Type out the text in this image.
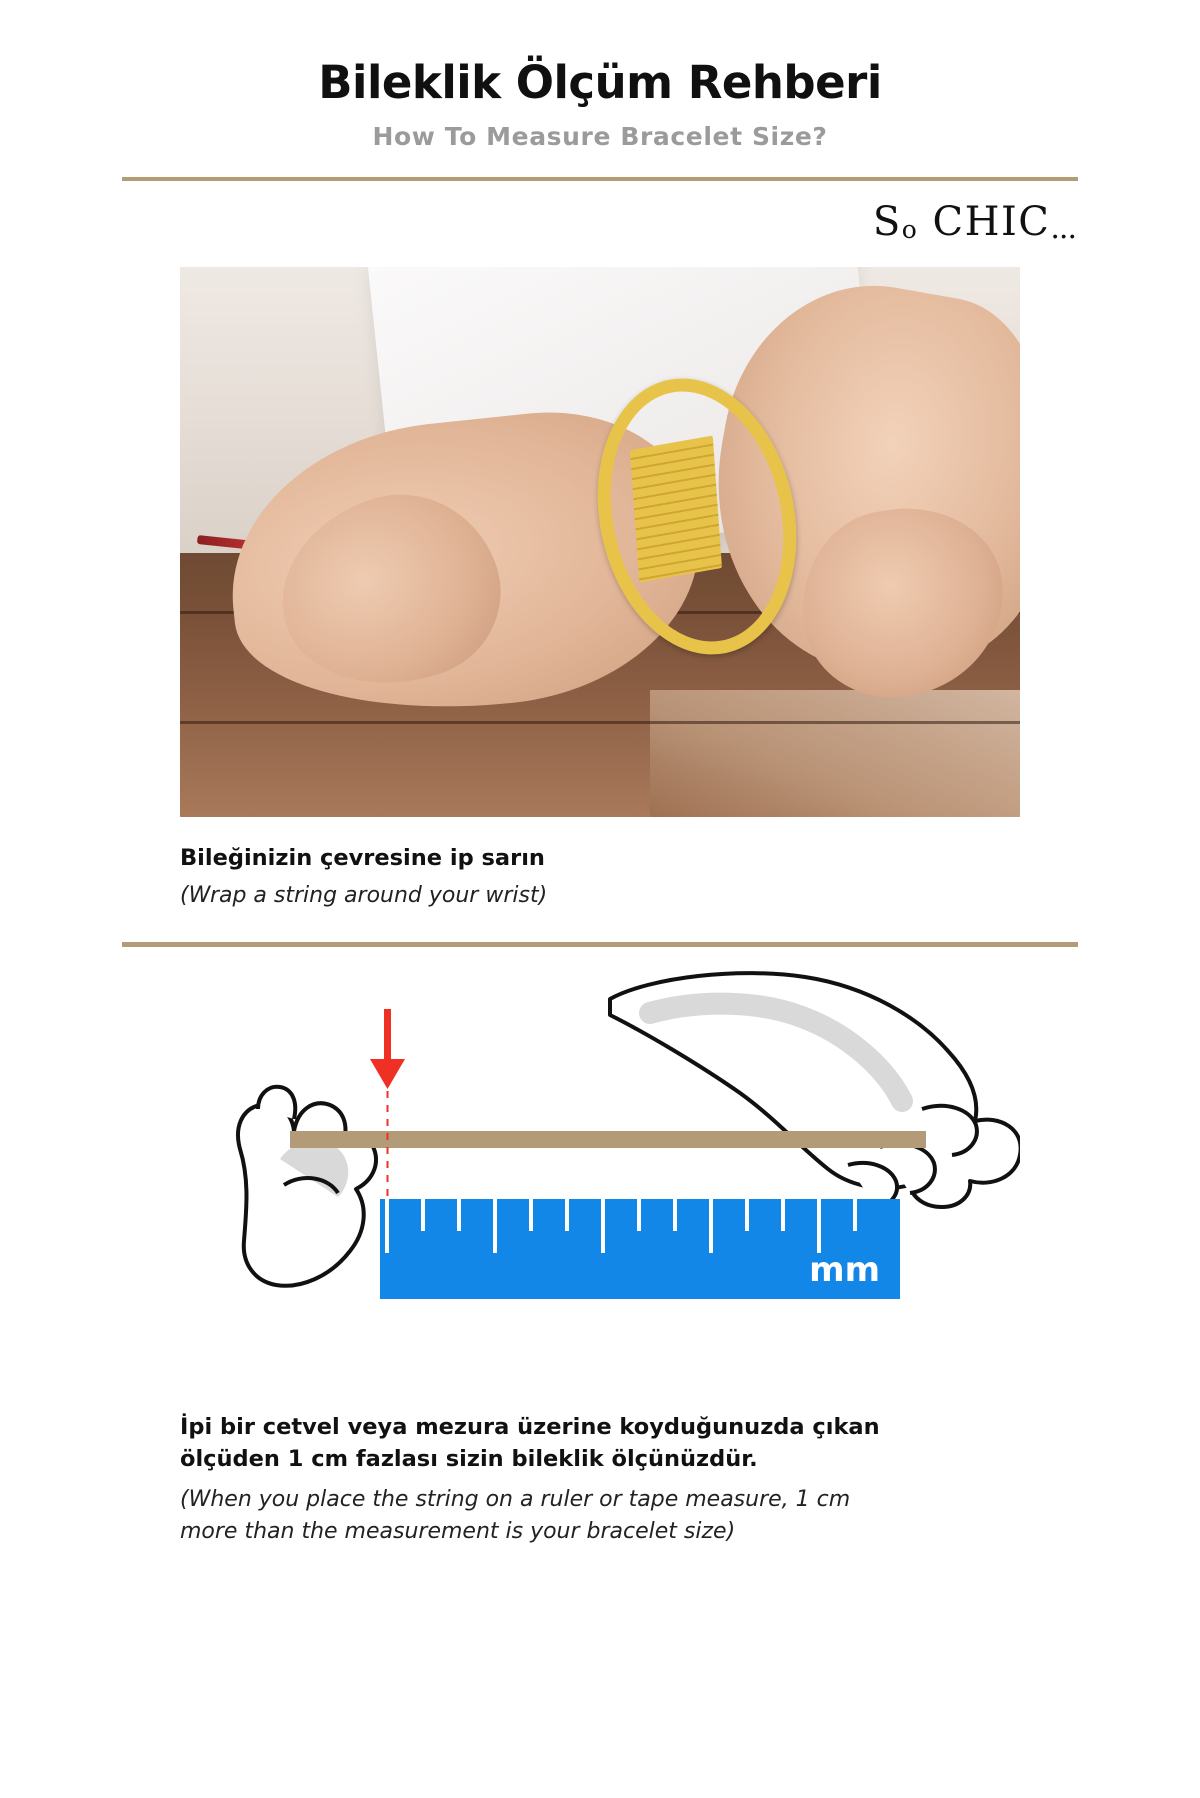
Bileklik Ölçüm Rehberi
How To Measure Bracelet Size?
So CHIC...

Bileğinizin çevresine ip sarın

(Wrap a string around your wrist)

mm

İpi bir cetvel veya mezura üzerine koyduğunuzda çıkan

ölçüden 1 cm fazlası sizin bileklik ölçünüzdür.

(When you place the string on a ruler or tape measure, 1 cm

more than the measurement is your bracelet size)
